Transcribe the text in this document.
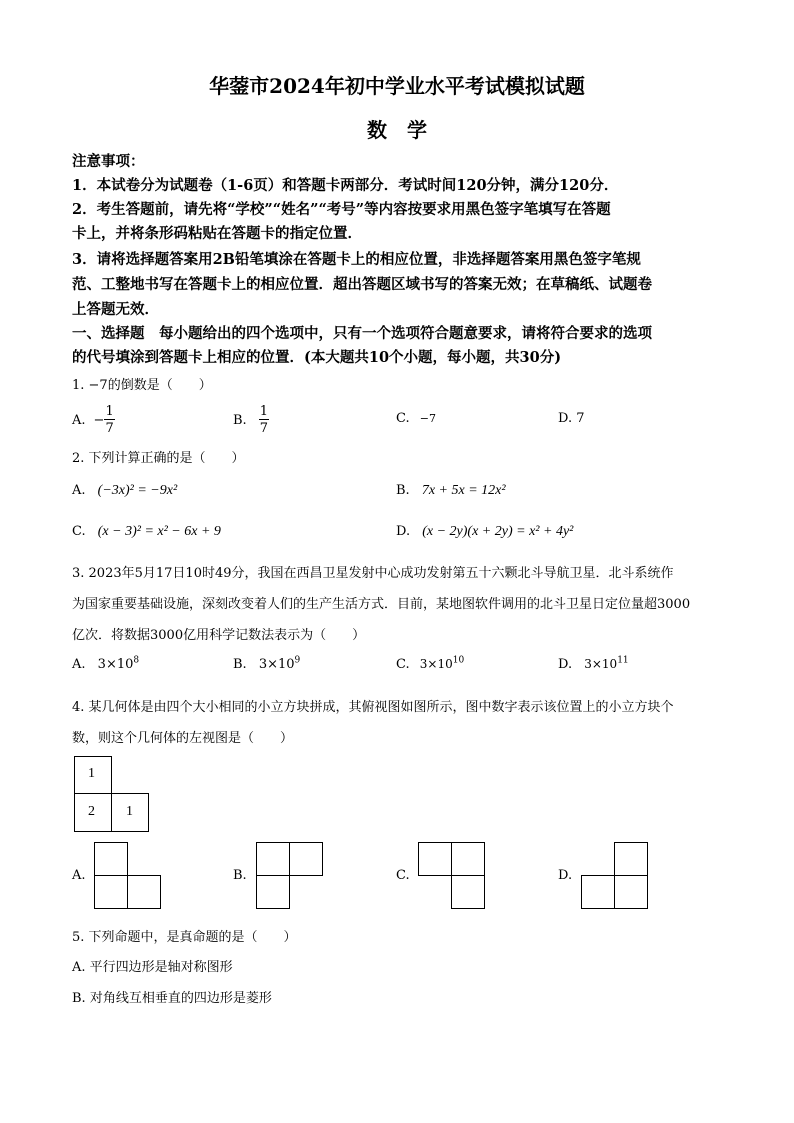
华蓥市2024年初中学业水平考试模拟试题
数　学
注意事项：
1．本试卷分为试题卷（1-6页）和答题卡两部分．考试时间120分钟，满分120分．
2．考生答题前，请先将“学校”“姓名”“考号”等内容按要求用黑色签字笔填写在答题
卡上，并将条形码粘贴在答题卡的指定位置．
3．请将选择题答案用2B铅笔填涂在答题卡上的相应位置，非选择题答案用黑色签字笔规
范、工整地书写在答题卡上的相应位置．超出答题区域书写的答案无效；在草稿纸、试题卷
上答题无效．
一、选择题　每小题给出的四个选项中，只有一个选项符合题意要求，请将符合要求的选项
的代号填涂到答题卡上相应的位置．(本大题共10个小题，每小题，共30分)
1. −7的倒数是（　　）
A. − $\frac{1}{7}$	B. $\frac{1}{7}$	C. −7	D. 7
2. 下列计算正确的是（　　）
A. (−3x)² = −9x²	B. 7x + 5x = 12x²
C. (x − 3)² = x² − 6x + 9	D. (x − 2y)(x + 2y) = x² + 4y²
3. 2023年5月17日10时49分，我国在西昌卫星发射中心成功发射第五十六颗北斗导航卫星．北斗系统作
为国家重要基础设施，深刻改变着人们的生产生活方式．目前，某地图软件调用的北斗卫星日定位量超3000
亿次．将数据3000亿用科学记数法表示为（　　）
A. $3\times 10^8$	B. $3\times 10^9$	C. $3\times 10^{10}$	D. $3\times 10^{11}$
4. 某几何体是由四个大小相同的小立方块拼成，其俯视图如图所示，图中数字表示该位置上的小立方块个
数，则这个几何体的左视图是（　　）
1
2 1
A.	B.	C.	D.
5. 下列命题中，是真命题的是（　　）
A. 平行四边形是轴对称图形
B. 对角线互相垂直的四边形是菱形
